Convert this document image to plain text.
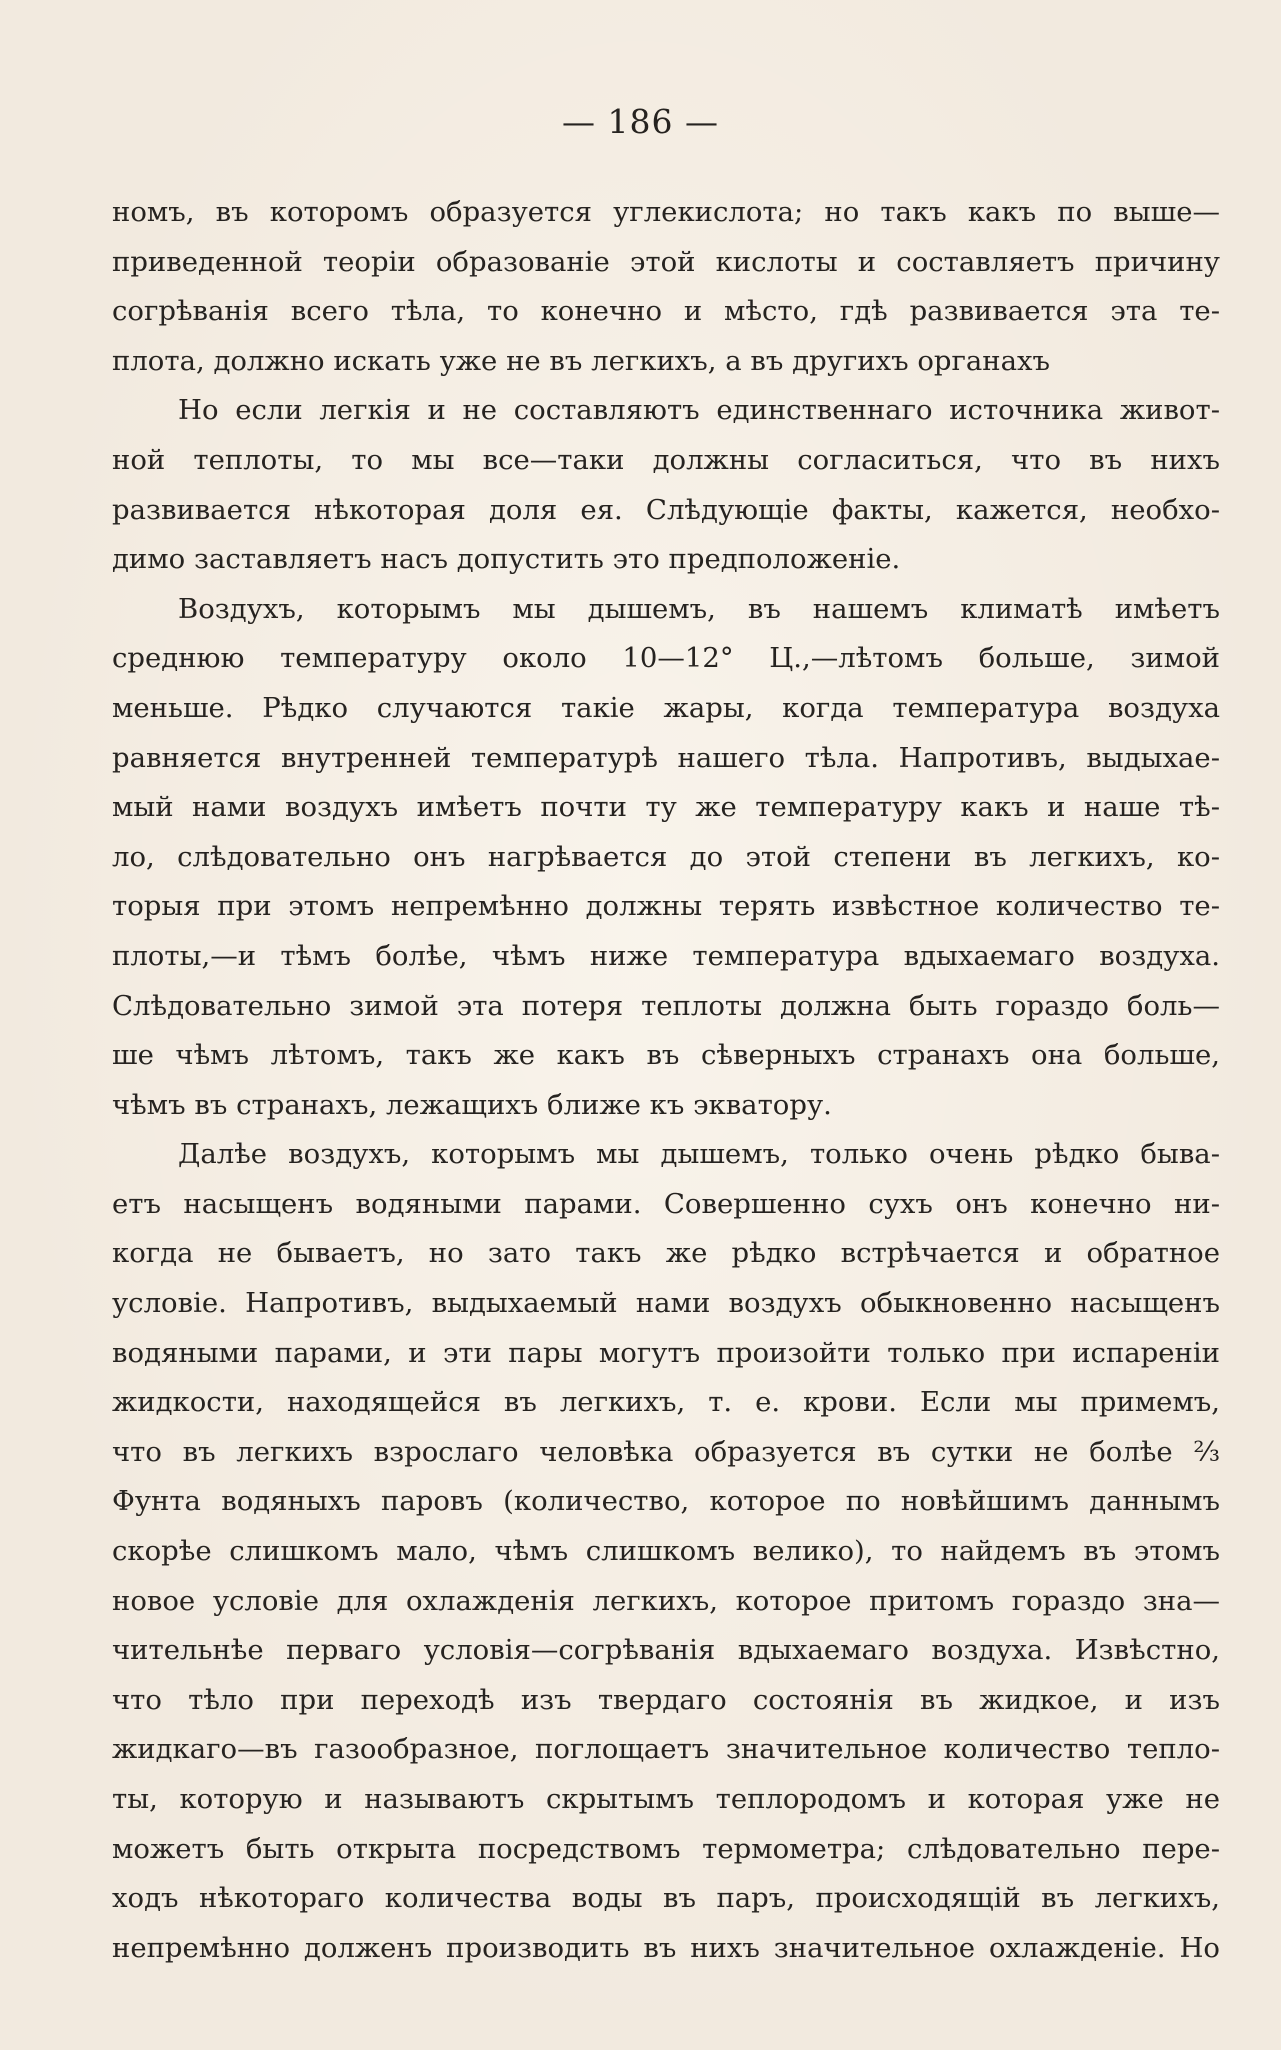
— 186 —
номъ, въ которомъ образуется углекислота; но такъ какъ по выше—
приведенной теоріи образованіе этой кислоты и составляетъ причину
согрѣванія всего тѣла, то конечно и мѣсто, гдѣ развивается эта те-
плота, должно искать уже не въ легкихъ, а въ другихъ органахъ
Но если легкія и не составляютъ единственнаго источника живот-
ной теплоты, то мы все—таки должны согласиться, что въ нихъ
развивается нѣкоторая доля ея. Слѣдующіе факты, кажется, необхо-
димо заставляетъ насъ допустить это предположеніе.
Воздухъ, которымъ мы дышемъ, въ нашемъ климатѣ имѣетъ
среднюю температуру около 10—12° Ц.,—лѣтомъ больше, зимой
меньше. Рѣдко случаются такіе жары, когда температура воздуха
равняется внутренней температурѣ нашего тѣла. Напротивъ, выдыхае-
мый нами воздухъ имѣетъ почти ту же температуру какъ и наше тѣ-
ло, слѣдовательно онъ нагрѣвается до этой степени въ легкихъ, ко-
торыя при этомъ непремѣнно должны терять извѣстное количество те-
плоты,—и тѣмъ болѣе, чѣмъ ниже температура вдыхаемаго воздуха.
Слѣдовательно зимой эта потеря теплоты должна быть гораздо боль—
ше чѣмъ лѣтомъ, такъ же какъ въ сѣверныхъ странахъ она больше,
чѣмъ въ странахъ, лежащихъ ближе къ экватору.
Далѣе воздухъ, которымъ мы дышемъ, только очень рѣдко быва-
етъ насыщенъ водяными парами. Совершенно сухъ онъ конечно ни-
когда не бываетъ, но зато такъ же рѣдко встрѣчается и обратное
условіе. Напротивъ, выдыхаемый нами воздухъ обыкновенно насыщенъ
водяными парами, и эти пары могутъ произойти только при испареніи
жидкости, находящейся въ легкихъ, т. е. крови. Если мы примемъ,
что въ легкихъ взрослаго человѣка образуется въ сутки не болѣе ²⁄₃
Фунта водяныхъ паровъ (количество, которое по новѣйшимъ даннымъ
скорѣе слишкомъ мало, чѣмъ слишкомъ велико), то найдемъ въ этомъ
новое условіе для охлажденія легкихъ, которое притомъ гораздо зна—
чительнѣе перваго условія—согрѣванія вдыхаемаго воздуха. Извѣстно,
что тѣло при переходѣ изъ твердаго состоянія въ жидкое, и изъ
жидкаго—въ газообразное, поглощаетъ значительное количество тепло-
ты, которую и называютъ скрытымъ теплородомъ и которая уже не
можетъ быть открыта посредствомъ термометра; слѣдовательно пере-
ходъ нѣкотораго количества воды въ паръ, происходящій въ легкихъ,
непремѣнно долженъ производить въ нихъ значительное охлажденіе. Но
